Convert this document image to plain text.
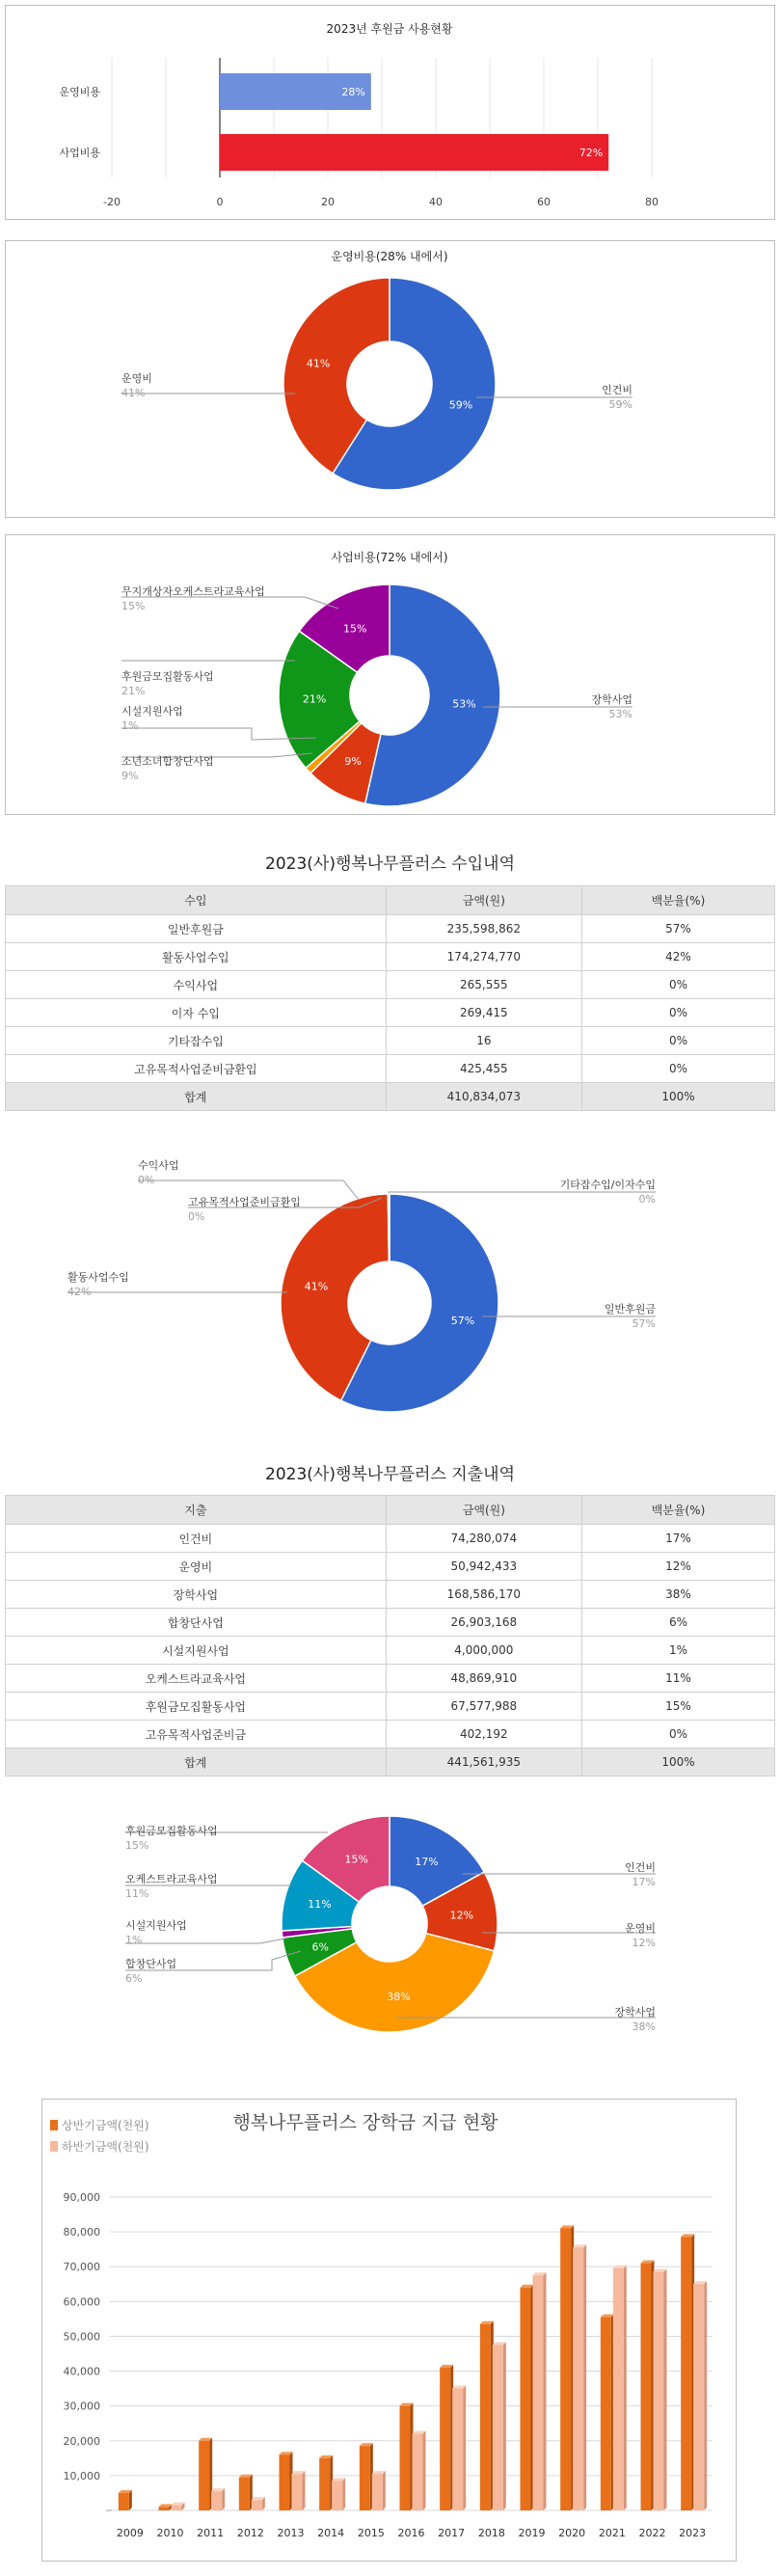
2023년 후원금 사용현황
-20	0	20	40	60	80
운영비용	28%
사업비용	72%
운영비용(28% 내에서)
59%
41%
인건비
59%
운영비
41%
사업비용(72% 내에서)
53%
9%
21%
15%
장학사업
53%
소년소녀합창단사업
9%
시설지원사업
1%
후원금모집활동사업
21%
무지개상자오케스트라교육사업
15%
2023(사)행복나무플러스 수입내역
수입	금액(원)	백분율(%)
일반후원금	235,598,862	57%
활동사업수입	174,274,770	42%
수익사업	265,555	0%
이자 수입	269,415	0%
기타잡수입	16	0%
고유목적사업준비금환입	425,455	0%
합계	410,834,073	100%
57%
41%
일반후원금
57%
활동사업수입
42%
수익사업
0%	기타잡수입/이자수입
0%
고유목적사업준비금환입
0%
2023(사)행복나무플러스 지출내역
지출	금액(원)	백분율(%)
인건비	74,280,074	17%
운영비	50,942,433	12%
장학사업	168,586,170	38%
합창단사업	26,903,168	6%
시설지원사업	4,000,000	1%
오케스트라교육사업	48,869,910	11%
후원금모집활동사업	67,577,988	15%
고유목적사업준비금	402,192	0%
합계	441,561,935	100%
17%
12%
38%
6%
11%
15%
인건비
17%
운영비
12%
장학사업
38%
합창단사업
6%
시설지원사업
1%
오케스트라교육사업
11%
후원금모집활동사업
15%
행복나무플러스 장학금 지급 현황
상반기금액(천원)
하반기금액(천원)
10,000
20,000
30,000
40,000
50,000
60,000
70,000
80,000
90,000
2009 2010 2011 2012 2013 2014 2015 2016 2017 2018 2019 2020 2021 2022 2023
